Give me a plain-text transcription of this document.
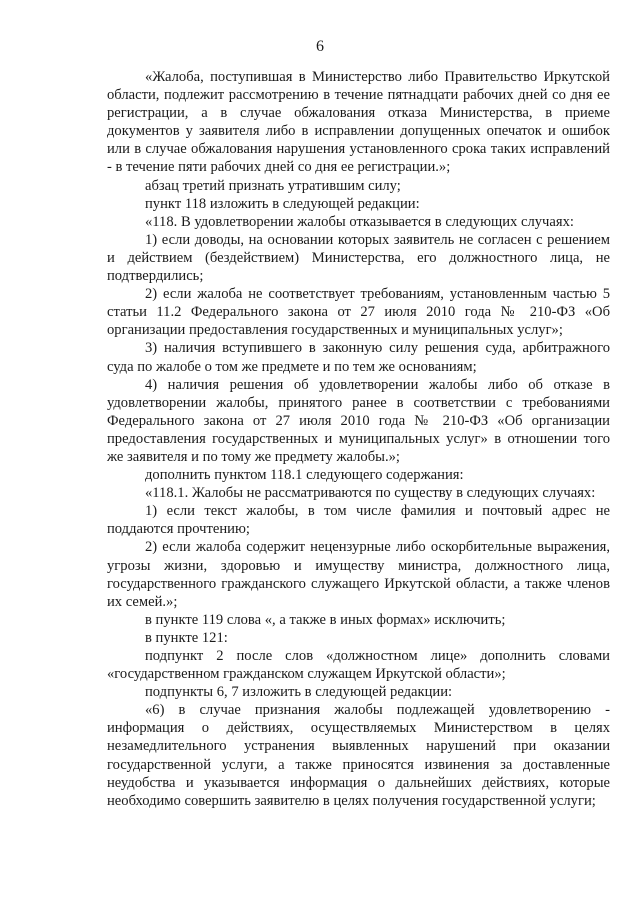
6

«Жалоба, поступившая в Министерство либо Правительство Иркутской области, подлежит рассмотрению в течение пятнадцати рабочих дней со дня ее регистрации, а в случае обжалования отказа Министерства, в приеме документов у заявителя либо в исправлении допущенных опечаток и ошибок или в случае обжалования нарушения установленного срока таких исправлений - в течение пяти рабочих дней со дня ее регистрации.»;

абзац третий признать утратившим силу;

пункт 118 изложить в следующей редакции:

«118. В удовлетворении жалобы отказывается в следующих случаях:

1) если доводы, на основании которых заявитель не согласен с решением и действием (бездействием) Министерства, его должностного лица, не подтвердились;

2) если жалоба не соответствует требованиям, установленным частью 5 статьи 11.2 Федерального закона от 27 июля 2010 года № 210-ФЗ «Об организации предоставления государственных и муниципальных услуг»;

3) наличия вступившего в законную силу решения суда, арбитражного суда по жалобе о том же предмете и по тем же основаниям;

4) наличия решения об удовлетворении жалобы либо об отказе в удовлетворении жалобы, принятого ранее в соответствии с требованиями Федерального закона от 27 июля 2010 года № 210-ФЗ «Об организации предоставления государственных и муниципальных услуг» в отношении того же заявителя и по тому же предмету жалобы.»;

дополнить пунктом 118.1 следующего содержания:

«118.1. Жалобы не рассматриваются по существу в следующих случаях:

1) если текст жалобы, в том числе фамилия и почтовый адрес не поддаются прочтению;

2) если жалоба содержит нецензурные либо оскорбительные выражения, угрозы жизни, здоровью и имуществу министра, должностного лица, государственного гражданского служащего Иркутской области, а также членов их семей.»;

в пункте 119 слова «, а также в иных формах» исключить;

в пункте 121:

подпункт 2 после слов «должностном лице» дополнить словами «государственном гражданском служащем Иркутской области»;

подпункты 6, 7 изложить в следующей редакции:

«6) в случае признания жалобы подлежащей удовлетворению - информация о действиях, осуществляемых Министерством в целях незамедлительного устранения выявленных нарушений при оказании государственной услуги, а также приносятся извинения за доставленные неудобства и указывается информация о дальнейших действиях, которые необходимо совершить заявителю в целях получения государственной услуги;
